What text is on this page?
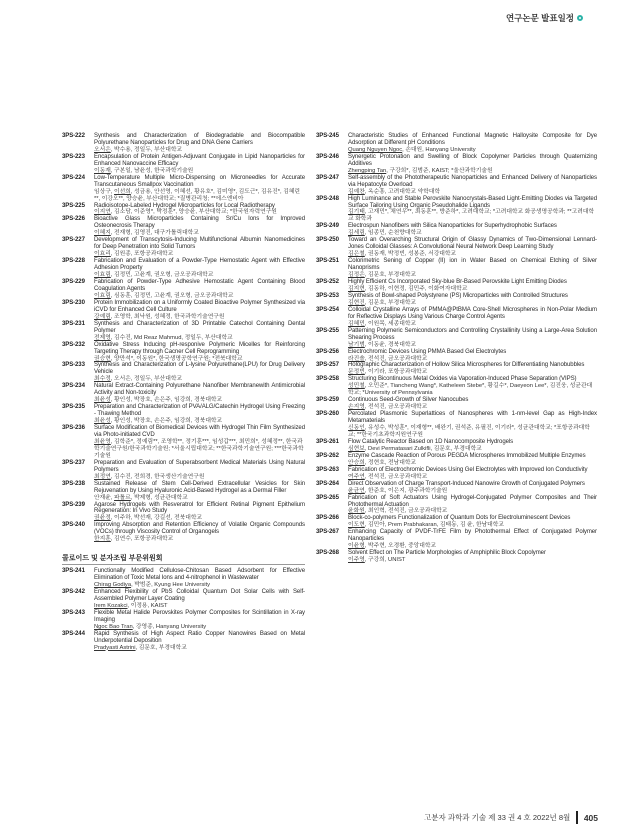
연구논문 발표일정
3PS-222	Synthesis and Characterization of Biodegradable and Biocompatible Polyurethane Nanoparticles for Drug and DNA Gene Carriers
오서은, 박수용, 정일두, 부산대학교
3PS-223	Encapsulation of Protein Antigen-Adjuvant Conjugate in Lipid Nanoparticles for Enhanced Nanovaccine Efficacy
이동재, 구본일, 남윤성, 한국과학기술원
3PS-224	Low-Temperature Multiple Micro-Dispensing on Microneedles for Accurate Transcutaneous Smallpox Vaccination
임상구, 이선희, 성금용, 안선영, 이혜선, 황유호*, 김미영*, 김도근*, 김유진*, 김혜린**, 이강오**, 양승윤, 부산대학교; *질병관리청; **에스엔비아
3PS-225	Radioisotope-Labeled Hydrogel Microparticles for Local Radiotherapy
이지연, 김소담, 이준영*, 박정훈*, 양승윤, 부산대학교; *한국원자력연구원
3PS-226	Bioactive Glass Microparticles Containing Sr/Cu Ions for Improved Osteonecrosis Therapy
이혜지, 전재형, 김영진, 대구가톨릭대학교
3PS-227	Development of Transcytosis-Inducing Multifunctional Albumin Nanomedicines for Deep Penetration into Solid Tumors
이효리, 김원종, 포항공과대학교
3PS-228	Fabrication and Evaluation of a Powder-Type Hemostatic Agent with Effective Adhesion Property
이효림, 김정민, 고윤계, 권오형, 금오공과대학교
3PS-229	Fabrication of Powder-Type Adhesive Hemostatic Agent Containing Blood Coagulation Agents
이효림, 심동훈, 김정민, 고윤계, 권오형, 금오공과대학교
3PS-230	Protein Immobilization on a Uniformly Coated Bioactive Polymer Synthesized via iCVD for Enhanced Cell Culture
강예림, 조영학, 최낙원, 성혜정, 한국과학기술연구원
3PS-231	Synthesis and Characterization of 3D Printable Catechol Containing Dental Polymer
전제영, 김수진, Md Reaz Mahmud, 정일두, 부산대학교
3PS-232	Oxidative Stress Inducing pH-responive Polymeric Micelles for Reinforcing Targeting Therapy through Cacner Cell Reprogramming
권승현, 양만석*, 이동원*, 한국생명공학연구원; *전북대학교
3PS-233	Synthesis and Characterization of L-lysine Polyurethane(LPU) for Drug Delivery Vehicle
최수정, 오서은, 정일두, 부산대학교
3PS-234	Natural Extract-Containing Polyurethane Nanofiber Membranewith Antimicrobial Activity and Non-toxicity
최윤성, 황인성, 박장호, 손은주, 임강희, 경북대학교
3PS-235	Preparation and Characterization of PVA/ALG/Catechin Hydrogel Using Freezing - Thawing Method
최윤성, 황인성, 박장호, 손은주, 임강희, 경북대학교
3PS-236	Surface Modification of Biomedical Devices with Hydrogel Thin Film Synthesized via Photo-initiated CVD
최윤영, 김학준*, 정예림**, 조영학**, 정기훈***, 임성갑***, 최민희*, 성혜정**, 한국과학기술연구원/한국과학기술원; *서울시립대학교; **한국과학기술연구원; ***한국과학기술원
3PS-237	Preparation and Evaluation of Superabsorbent Medical Materials Using Natural Polymers
최정연, 김수진, 전희경, 한국생산기술연구원
3PS-238	Sustained Release of Stem Cell-Derived Extracellular Vesicles for Skin Rejuvenation by Using Hyaluronic Acid-Based Hydrogel as a Dermal Filler
안재윤, 파톨르, 박제형, 성균관대학교
3PS-239	Agarose Hydrogels with Resveratrol for Efficient Retinal Pigment Epithelium Regeneration: In Vivo Study
권윤정, 이주하, 박선재, 강길선, 전북대학교
3PS-240	Improving Absorption and Retention Efficiency of Volatile Organic Compounds (VOCs) through Viscosity Control of Organogels
한지훈, 김연수, 포항공과대학교
콜로이드 및 분자조립 부문위원회
3PS-241	Functionally Modified Cellulose-Chitosan Based Adsorbent for Effective Elimination of Toxic Metal Ions and 4-nitrophenol in Wastewater
Chirag Godiya, 박범준, Kyung Hee University
3PS-242	Enhanced Flexibility of PbS Colloidal Quantum Dot Solar Cells with Self-Assembled Polymer Layer Coating
Irem Kozakci, 이정용, KAIST
3PS-243	Flexible Metal Halide Perovskites Polymer Composites for Scintillation in X-ray Imaging
Ngoc Bao Tran, 강영종, Hanyang University
3PS-244	Rapid Synthesis of High Aspect Ratio Copper Nanowires Based on Metal Underpotential Deposition
Pradyasti Astrini, 김문호, 부경대학교
3PS-245	Characteristic Studies of Enhanced Functional Magnetic Halloysite Composite for Dye Adsorption at Different pH Conditions
Quang Nguyen Ngoc, 손대원, Hanyang University
3PS-246	Synergetic Protonation and Swelling of Block Copolymer Particles through Quaternizing Additives
Zhengping Tan, 구강희*, 김범준, KAIST; *울산과학기술원
3PS-247	Self-assembly of the Phototherapeutic Nanoparticles and Enhanced Delivery of Nanoparticles via Hepatocyte Overload
김예찬, 옥순흥, 고려대학교 약학대학
3PS-248	High Luminance and Stable Perovskite Nanocrystals-Based Light-Emitting Diodes via Targeted Surface Tailoring Using Organic Pseudohalide Ligands
김기태, 고재민*, 채연우**, 최동훈**, 방준하*, 고려대학교; *고려대학교 화공생명공학과; **고려대학교 화학과
3PS-249	Electrospun Nanofibers with Silica Nanoparticles for Superhydrophobic Surfaces
김세림, 임종민, 순천향대학교
3PS-250	Toward an Overarching Structural Origin of Glassy Dynamics of Two-Dimensional Lennard-Jones Colloidal Glasses: A Convolutional Neural Network Deep Learning Study
김은철, 권동재, 박정빈, 성봉준, 서강대학교
3PS-251	Colorimetric Sening of Copper (II) ion in Water Based on Chemical Etching of Silver Nanoprisms
김정은, 김문호, 부경대학교
3PS-252	Highly Efficient Cs Incorporated Sky-blue Br-Based Perovskite Light Emitting Diodes
김지현, 김동하, 이현정, 김민주, 이화여자대학교
3PS-253	Synthesis of Bowl-shaped Polystyrene (PS) Microparticles with Controlled Structures
김현진, 김문호, 부경대학교
3PS-254	Colloidal Crystalline Arrays of PMMA@PtBMA Core-Shell Microspheres in Non-Polar Medium for Reflective Displays Using Various Charge Control Agents
김혜민, 이원목, 세종대학교
3PS-255	Patterning Polymeric Semiconductors and Controlling Crystallinity Using a Large-Area Solution Shearing Process
남기범, 이동윤, 경북대학교
3PS-256	Electrochromic Devices Using PMMA Based Gel Electrolytes
라진솔, 전석진, 금오공과대학교
3PS-257	Holographic Characterization of Hollow Silica Microspheres for Differentiating Nanobubbles
문정빈, 이기라, 포항공과대학교
3PS-258	Structuring Bicontinuous Metal Oxides via Vaporation-Induced Phase Separation (VIPS)
성민철, 오민준*, Tiancheng Wang*, Katheleen Stebe*, 황길수*, Daeyeon Lee*, 김진웅, 성균관대학교; *University of Pennsylvania
3PS-259	Continuous Seed-Growth of Silver Nanocubes
손지영, 전석진, 금오공과대학교
3PS-260	Percolated Plasmonic Superlattices of Nanospheres with 1-nm-level Gap as High-Index Metamaterials
신동인, 유성수, 박성훈*, 이재형**, 배완기, 권석준, 유필진, 이기라*, 성균관대학교; *포항공과대학교; **한국기초과학지원연구원
3PS-261	Flow Catalytic Reactor Based on 1D Nanocomposite Hydrogels
심현보, Devi Permatasari Zulkifli, 김문호, 부경대학교
3PS-262	Enzyme Cascade Reaction of Porous PEGDA Microspheres Immobilized Multiple Enzymes
안승희, 정현호, 전남대학교
3PS-263	Fabrication of Electrochromic Devices Using Gel Electrolytes with Improved Ion Conductivity
여주연, 전석진, 금오공과대학교
3PS-264	Direct Observation of Charge Transport-Induced Nanowire Growth of Conjugated Polymers
윤균연, 한준호, 이은지, 광주과학기술원
3PS-265	Fabrication of Soft Actuators Using Hydrogel-Conjugated Polymer Composites and Their Photothermal Actuation
윤화원, 최인혁, 전석진, 금오공과대학교
3PS-266	Block-co-polymers Functionalization of Quantum Dots for Electroluminescent Devices
이도현, 김민아, Prem Prabhakaran, 김태동, 김 윤, 한남대학교
3PS-267	Enhancing Capacity of PVDF-TrFE Film by Photothermal Effect of Conjugated Polymer Nanoparticles
이윤형, 박주현, 오경환, 중앙대학교
3PS-268	Solvent Effect on The Particle Morphologies of Amphiphilic Block Copolymer
이주영, 구강희, UNIST
고분자 과학과 기술 제 33 권 4 호 2022년 8월 405
